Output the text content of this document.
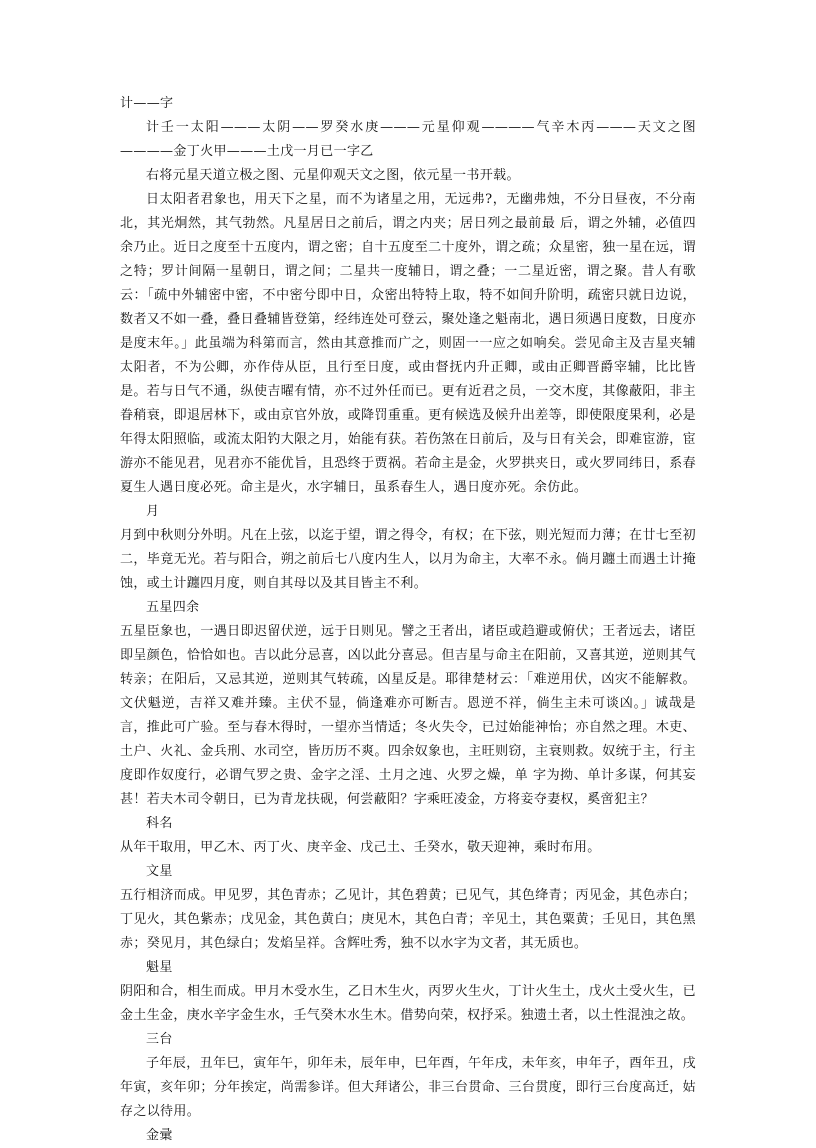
计——字

计壬一太阳———太阴——罗癸水庚———元星仰观————气辛木丙———天文之图————金丁火甲———土戊一月已一字乙

右将元星天道立极之图、元星仰观天文之图，依元星一书开载。

日太阳者君象也，用天下之星，而不为诸星之用，无远弗?，无幽弗烛，不分日昼夜，不分南北，其光炯然，其气勃然。凡星居日之前后，谓之内夹；居日列之最前最 后，谓之外辅，必值四余乃止。近日之度至十五度内，谓之密；自十五度至二十度外，谓之疏；众星密，独一星在远，谓之特；罗计间隔一星朝日，谓之间；二星共一度辅日，谓之叠；一二星近密，谓之聚。昔人有歌云：「疏中外辅密中密，不中密兮即中日，众密出特特上取，特不如间升阶明，疏密只就日边说，数者又不如一叠，叠日叠辅皆登第，经纬连处可登云，聚处逢之魁南北，遇日须遇日度数，日度亦是度末年。」此虽端为科第而言，然由其意推而广之，则固一一应之如响矣。尝见命主及吉星夹辅太阳者，不为公卿，亦作侍从臣，且行至日度，或由督抚内升正卿，或由正卿晋爵宰辅，比比皆是。若与日气不通，纵使吉曜有情，亦不过外任而已。更有近君之员，一交木度，其像蔽阳，非主眷稍衰，即退居林下，或由京官外放，或降罚重重。更有候选及候升出差等，即使限度果利，必是年得太阳照临，或流太阳钓大限之月，始能有获。若伤煞在日前后，及与日有关会，即难宦游，宦游亦不能见君，见君亦不能优旨，且恐终于贾祸。若命主是金，火罗拱夹日，或火罗同纬日，系春夏生人遇日度必死。命主是火，水字辅日，虽系春生人，遇日度亦死。余仿此。

月

月到中秋则分外明。凡在上弦，以迄于望，谓之得令，有权；在下弦，则光短而力薄；在廿七至初二，毕竟无光。若与阳合，朔之前后七八度内生人，以月为命主，大率不永。倘月躔土而遇土计掩蚀，或土计躔四月度，则自其母以及其目皆主不利。

五星四余

五星臣象也，一遇日即迟留伏逆，远于日则见。譬之王者出，诸臣或趋避或俯伏；王者远去，诸臣即呈颜色，恰恰如也。吉以此分忌喜，凶以此分喜忌。但吉星与命主在阳前，又喜其逆，逆则其气转亲；在阳后，又忌其逆，逆则其气转疏，凶星反是。耶律楚材云：「难逆用伏，凶灾不能解救。文伏魁逆，吉祥又难并臻。主伏不显，倘逢难亦可断吉。恩逆不祥，倘生主未可谈凶。」诚哉是言，推此可广验。至与春木得时，一望亦当情适；冬火失令，已过始能神怡；亦自然之理。木吏、土户、火礼、金兵刑、水司空，皆历历不爽。四余奴象也，主旺则窃，主衰则救。奴统于主，行主度即作奴度行，必谓气罗之贵、金字之淫、土月之迍、火罗之燥，单 字为拗、单计多谋，何其妄甚！若夫木司令朝日，已为青龙扶砚，何尝蔽阳？字乘旺凌金，方将妾夺妻权，奚啻犯主？

科名

从年干取用，甲乙木、丙丁火、庚辛金、戊己土、壬癸水，敬天迎神，乘时布用。

文星

五行相济而成。甲见罗，其色青赤；乙见计，其色碧黄；已见气，其色绛青；丙见金，其色赤白；丁见火，其色紫赤；戊见金，其色黄白；庚见木，其色白青；辛见土，其色粟黄；壬见日，其色黑赤；癸见月，其色绿白；发焰呈祥。含辉吐秀，独不以水字为文者，其无质也。

魁星

阴阳和合，相生而成。甲月木受水生，乙日木生火，丙罗火生火，丁计火生土，戊火土受火生，已金土生金，庚水辛字金生水，壬气癸木水生木。借势向荣，权抒采。独遗土者，以土性混浊之故。

三台

子年辰，丑年巳，寅年午，卯年未，辰年申，巳年酉，午年戌，未年亥，申年子，酉年丑，戌年寅，亥年卯；分年挨定，尚需参详。但大拜诸公，非三台贯命、三台贯度，即行三台度高迁，姑存之以待用。

金彚
